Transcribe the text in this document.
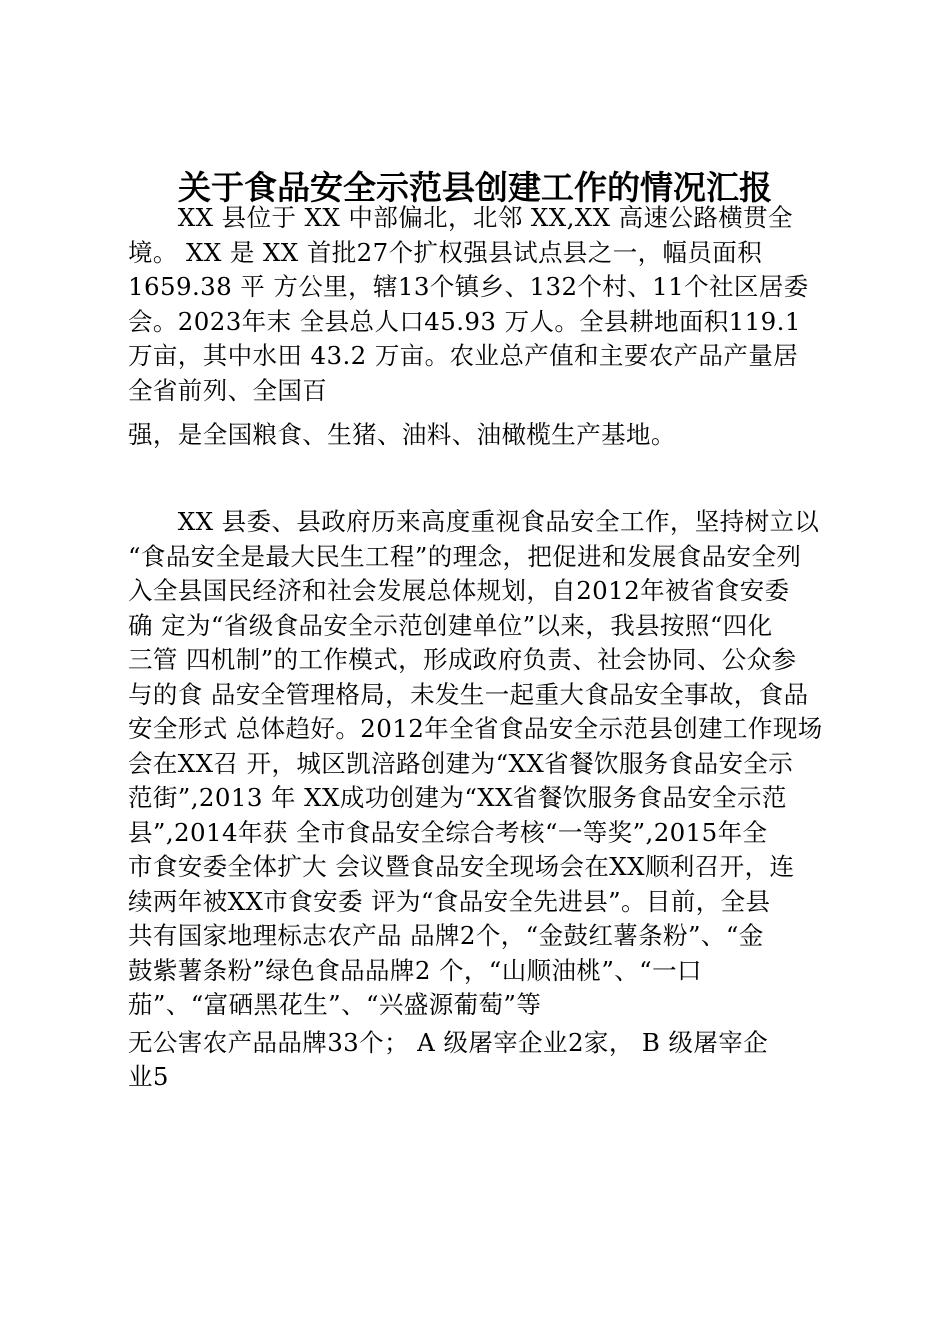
关于食品安全示范县创建工作的情况汇报
　　XX 县位于 XX 中部偏北，北邻 XX,XX 高速公路横贯全
境。 XX 是 XX 首批27个扩权强县试点县之一，幅员面积
1659.38 平 方公里，辖13个镇乡、132个村、11个社区居委
会。2023年末 全县总人口45.93 万人。全县耕地面积119.1
万亩，其中水田 43.2 万亩。农业总产值和主要农产品产量居
全省前列、全国百
强，是全国粮食、生猪、油料、油橄榄生产基地。
　　XX 县委、县政府历来高度重视食品安全工作，坚持树立以
“食品安全是最大民生工程”的理念，把促进和发展食品安全列
入全县国民经济和社会发展总体规划，自2012年被省食安委
确 定为“省级食品安全示范创建单位”以来，我县按照“四化
三管 四机制”的工作模式，形成政府负责、社会协同、公众参
与的食 品安全管理格局，未发生一起重大食品安全事故，食品
安全形式 总体趋好。2012年全省食品安全示范县创建工作现场
会在XX召 开，城区凯涪路创建为“XX省餐饮服务食品安全示
范街”,2013 年 XX成功创建为“XX省餐饮服务食品安全示范
县”,2014年获 全市食品安全综合考核“一等奖”,2015年全
市食安委全体扩大 会议暨食品安全现场会在XX顺利召开，连
续两年被XX市食安委 评为“食品安全先进县”。目前，全县
共有国家地理标志农产品 品牌2个，“金鼓红薯条粉”、“金
鼓紫薯条粉”绿色食品品牌2 个，“山顺油桃”、“一口
茄”、“富硒黑花生”、“兴盛源葡萄”等
无公害农产品品牌33个； A 级屠宰企业2家， B 级屠宰企
业5
